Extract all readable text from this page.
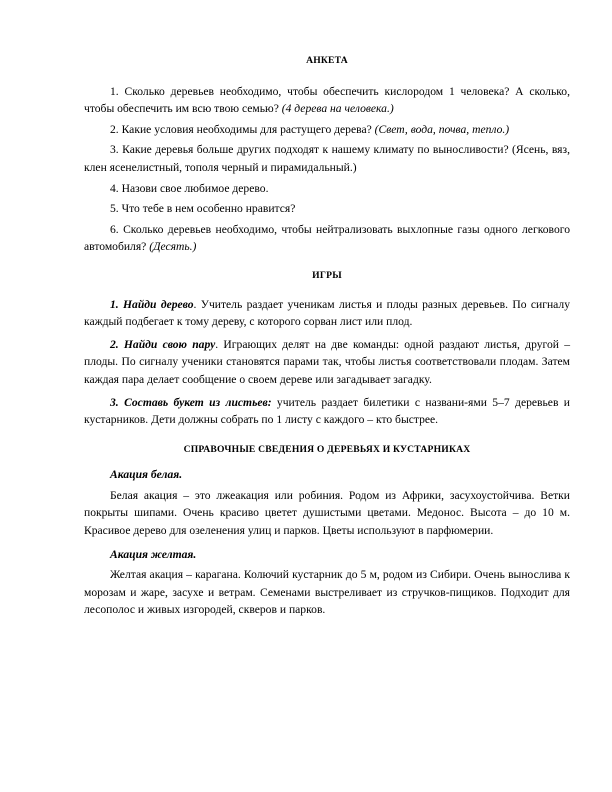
АНКЕТА

1. Сколько деревьев необходимо, чтобы обеспечить кислородом 1 человека? А сколько, чтобы обеспечить им всю твою семью? (4 дерева на человека.)

2. Какие условия необходимы для растущего дерева? (Свет, вода, почва, тепло.)

3. Какие деревья больше других подходят к нашему климату по выносливости? (Ясень, вяз, клен ясенелистный, тополя черный и пирамидальный.)

4. Назови свое любимое дерево.

5. Что тебе в нем особенно нравится?

6. Сколько деревьев необходимо, чтобы нейтрализовать выхлопные газы одного легкового автомобиля? (Десять.)

ИГРЫ

1. Найди дерево. Учитель раздает ученикам листья и плоды разных деревьев. По сигналу каждый подбегает к тому дереву, с которого сорван лист или плод.

2. Найди свою пару. Играющих делят на две команды: одной раздают листья, другой – плоды. По сигналу ученики становятся парами так, чтобы листья соответствовали плодам. Затем каждая пара делает сообщение о своем дереве или загадывает загадку.

3. Составь букет из листьев: учитель раздает билетики с названи-ями 5–7 деревьев и кустарников. Дети должны собрать по 1 листу с каждого – кто быстрее.

СПРАВОЧНЫЕ СВЕДЕНИЯ О ДЕРЕВЬЯХ И КУСТАРНИКАХ

Акация белая.

Белая акация – это лжеакация или робиния. Родом из Африки, засухоустойчива. Ветки покрыты шипами. Очень красиво цветет душистыми цветами. Медонос. Высота – до 10 м. Красивое дерево для озеленения улиц и парков. Цветы используют в парфюмерии.

Акация желтая.

Желтая акация – карагана. Колючий кустарник до 5 м, родом из Сибири. Очень вынослива к морозам и жаре, засухе и ветрам. Семенами выстреливает из стручков-пищиков. Подходит для лесополос и живых изгородей, скверов и парков.
